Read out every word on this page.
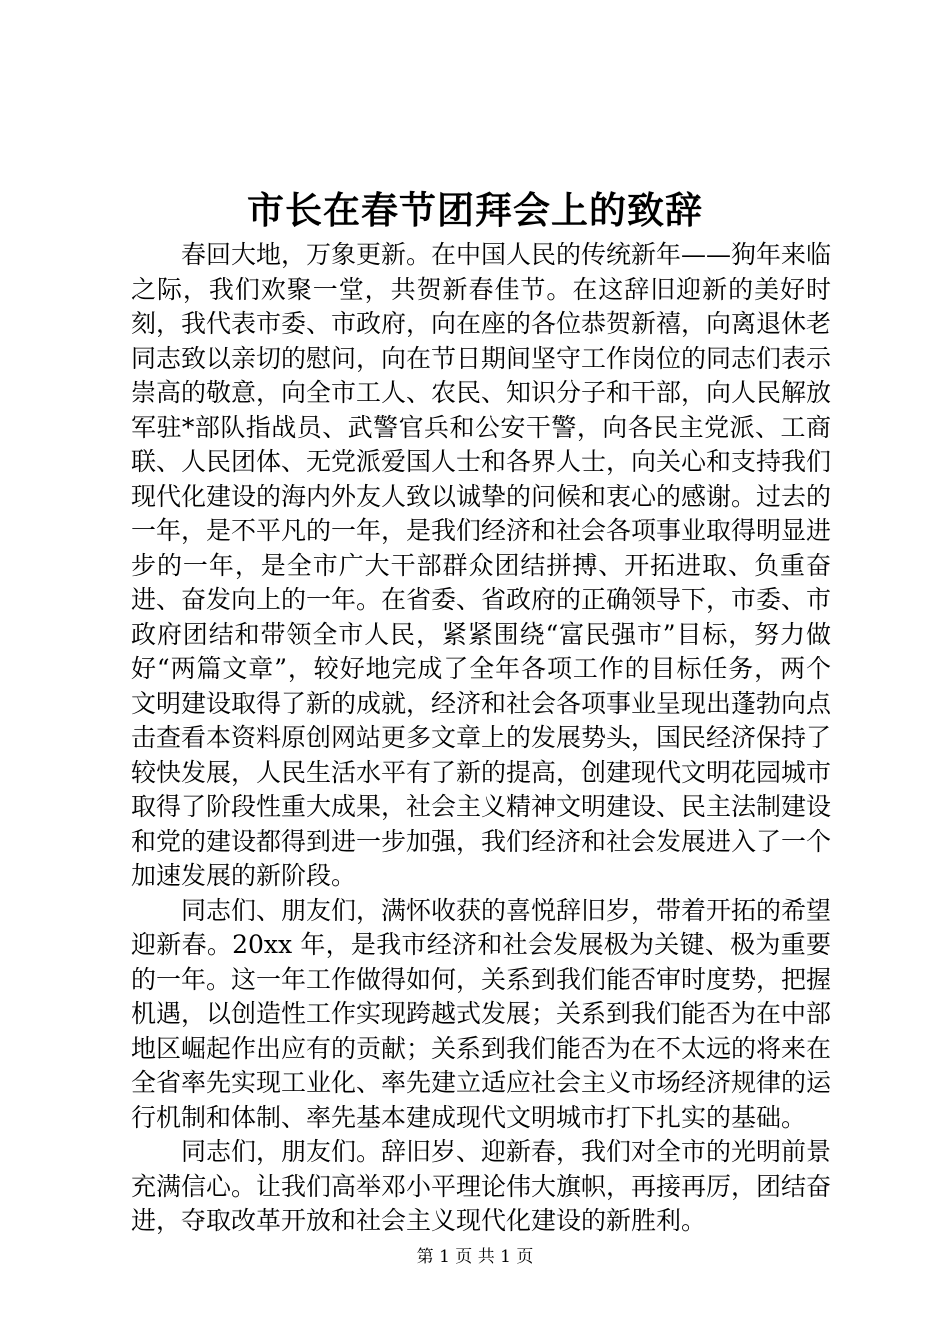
市长在春节团拜会上的致辞

春回大地，万象更新。在中国人民的传统新年——狗年来临之际，我们欢聚一堂，共贺新春佳节。在这辞旧迎新的美好时刻，我代表市委、市政府，向在座的各位恭贺新禧，向离退休老同志致以亲切的慰问，向在节日期间坚守工作岗位的同志们表示崇高的敬意，向全市工人、农民、知识分子和干部，向人民解放军驻*部队指战员、武警官兵和公安干警，向各民主党派、工商联、人民团体、无党派爱国人士和各界人士，向关心和支持我们现代化建设的海内外友人致以诚挚的问候和衷心的感谢。过去的一年，是不平凡的一年，是我们经济和社会各项事业取得明显进步的一年，是全市广大干部群众团结拼搏、开拓进取、负重奋进、奋发向上的一年。在省委、省政府的正确领导下，市委、市政府团结和带领全市人民，紧紧围绕“富民强市”目标，努力做好“两篇文章”，较好地完成了全年各项工作的目标任务，两个文明建设取得了新的成就，经济和社会各项事业呈现出蓬勃向点击查看本资料原创网站更多文章上的发展势头，国民经济保持了较快发展，人民生活水平有了新的提高，创建现代文明花园城市取得了阶段性重大成果，社会主义精神文明建设、民主法制建设和党的建设都得到进一步加强，我们经济和社会发展进入了一个加速发展的新阶段。

同志们、朋友们，满怀收获的喜悦辞旧岁，带着开拓的希望迎新春。20xx 年，是我市经济和社会发展极为关键、极为重要的一年。这一年工作做得如何，关系到我们能否审时度势，把握机遇，以创造性工作实现跨越式发展；关系到我们能否为在中部地区崛起作出应有的贡献；关系到我们能否为在不太远的将来在全省率先实现工业化、率先建立适应社会主义市场经济规律的运行机制和体制、率先基本建成现代文明城市打下扎实的基础。

同志们，朋友们。辞旧岁、迎新春，我们对全市的光明前景充满信心。让我们高举邓小平理论伟大旗帜，再接再厉，团结奋进，夺取改革开放和社会主义现代化建设的新胜利。

第 1 页 共 1 页
